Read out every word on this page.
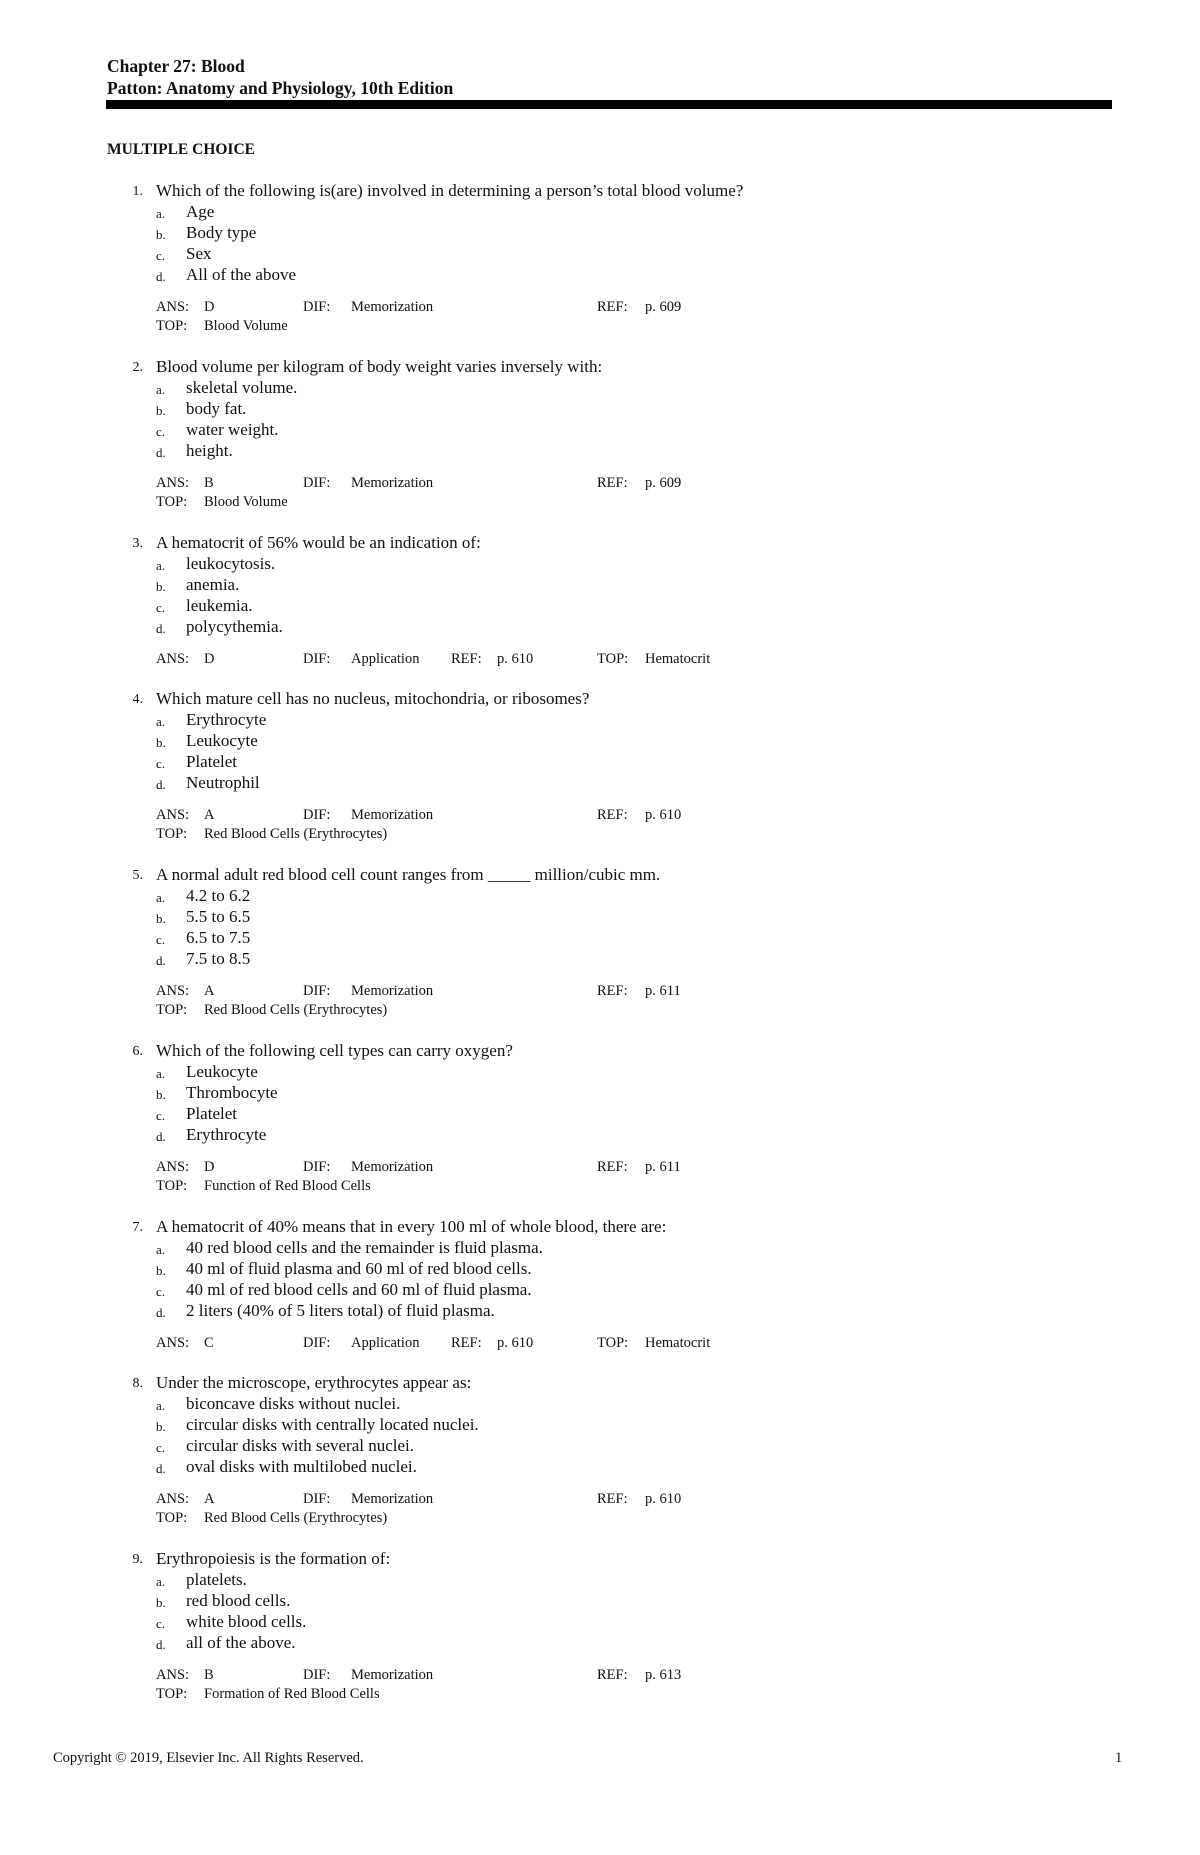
Chapter 27: Blood
Patton: Anatomy and Physiology, 10th Edition
MULTIPLE CHOICE
1. Which of the following is(are) involved in determining a person’s total blood volume?
a. Age
b. Body type
c. Sex
d. All of the above
ANS: D	DIF: Memorization	REF: p. 609
TOP: Blood Volume
2. Blood volume per kilogram of body weight varies inversely with:
a. skeletal volume.
b. body fat.
c. water weight.
d. height.
ANS: B	DIF: Memorization	REF: p. 609
TOP: Blood Volume
3. A hematocrit of 56% would be an indication of:
a. leukocytosis.
b. anemia.
c. leukemia.
d. polycythemia.
ANS: D	DIF: Application REF: p. 610	TOP: Hematocrit
4. Which mature cell has no nucleus, mitochondria, or ribosomes?
a. Erythrocyte
b. Leukocyte
c. Platelet
d. Neutrophil
ANS: A	DIF: Memorization	REF: p. 610
TOP: Red Blood Cells (Erythrocytes)
5. A normal adult red blood cell count ranges from _____ million/cubic mm.
a. 4.2 to 6.2
b. 5.5 to 6.5
c. 6.5 to 7.5
d. 7.5 to 8.5
ANS: A	DIF: Memorization	REF: p. 611
TOP: Red Blood Cells (Erythrocytes)
6. Which of the following cell types can carry oxygen?
a. Leukocyte
b. Thrombocyte
c. Platelet
d. Erythrocyte
ANS: D	DIF: Memorization	REF: p. 611
TOP: Function of Red Blood Cells
7. A hematocrit of 40% means that in every 100 ml of whole blood, there are:
a. 40 red blood cells and the remainder is fluid plasma.
b. 40 ml of fluid plasma and 60 ml of red blood cells.
c. 40 ml of red blood cells and 60 ml of fluid plasma.
d. 2 liters (40% of 5 liters total) of fluid plasma.
ANS: C	DIF: Application REF: p. 610	TOP: Hematocrit
8. Under the microscope, erythrocytes appear as:
a. biconcave disks without nuclei.
b. circular disks with centrally located nuclei.
c. circular disks with several nuclei.
d. oval disks with multilobed nuclei.
ANS: A	DIF: Memorization	REF: p. 610
TOP: Red Blood Cells (Erythrocytes)
9. Erythropoiesis is the formation of:
a. platelets.
b. red blood cells.
c. white blood cells.
d. all of the above.
ANS: B	DIF: Memorization	REF: p. 613
TOP: Formation of Red Blood Cells
Copyright © 2019, Elsevier Inc. All Rights Reserved.	1
